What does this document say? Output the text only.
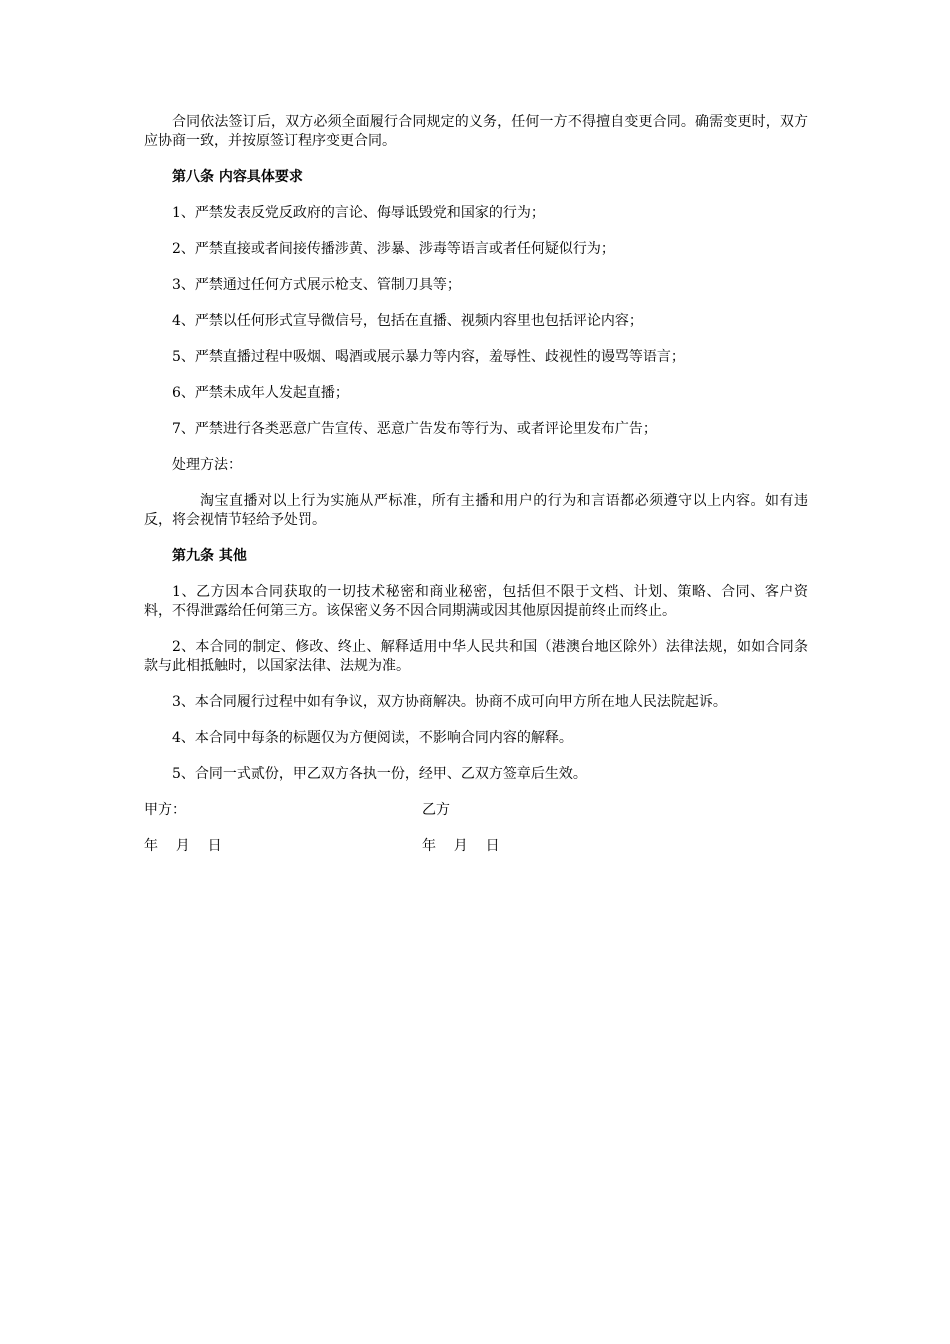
合同依法签订后，双方必须全面履行合同规定的义务，任何一方不得擅自变更合同。确需变更时，双方应协商一致，并按原签订程序变更合同。

第八条 内容具体要求

1、严禁发表反党反政府的言论、侮辱诋毁党和国家的行为；

2、严禁直接或者间接传播涉黄、涉暴、涉毒等语言或者任何疑似行为；

3、严禁通过任何方式展示枪支、管制刀具等；

4、严禁以任何形式宣导微信号，包括在直播、视频内容里也包括评论内容；

5、严禁直播过程中吸烟、喝酒或展示暴力等内容，羞辱性、歧视性的谩骂等语言；

6、严禁未成年人发起直播；

7、严禁进行各类恶意广告宣传、恶意广告发布等行为、或者评论里发布广告；

处理方法：

淘宝直播对以上行为实施从严标准，所有主播和用户的行为和言语都必须遵守以上内容。如有违反，将会视情节轻给予处罚。

第九条 其他

1、乙方因本合同获取的一切技术秘密和商业秘密，包括但不限于文档、计划、策略、合同、客户资料，不得泄露给任何第三方。该保密义务不因合同期满或因其他原因提前终止而终止。

2、本合同的制定、修改、终止、解释适用中华人民共和国（港澳台地区除外）法律法规，如如合同条款与此相抵触时，以国家法律、法规为准。

3、本合同履行过程中如有争议，双方协商解决。协商不成可向甲方所在地人民法院起诉。

4、本合同中每条的标题仅为方便阅读，不影响合同内容的解释。

5、合同一式贰份，甲乙双方各执一份，经甲、乙双方签章后生效。

甲方：	乙方
年    月    日	年    月    日
